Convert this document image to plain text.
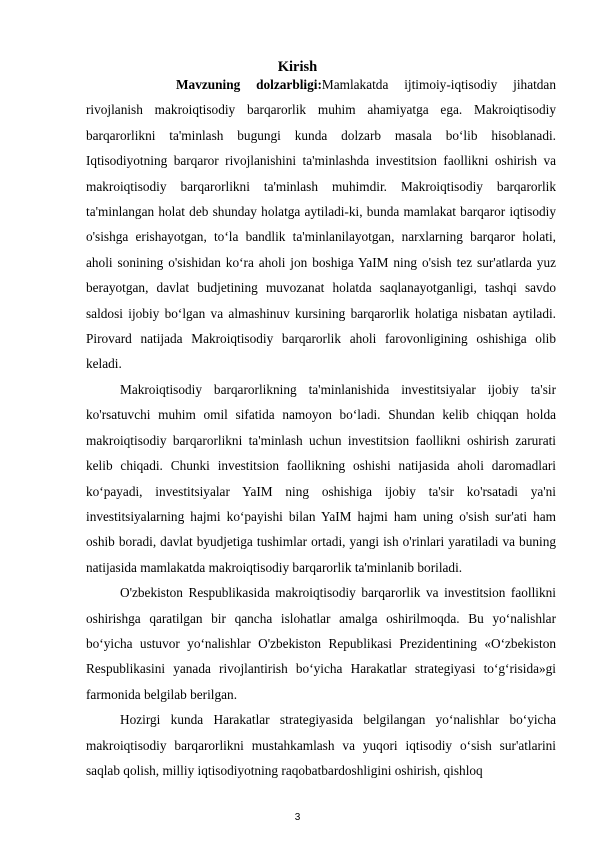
Kirish

Mavzuning dolzarbligi:Mamlakatda ijtimoiy-iqtisodiy jihatdan rivojlanish makroiqtisodiy barqarorlik muhim ahamiyatga ega. Makroiqtisodiy barqarorlikni ta'minlash bugungi kunda dolzarb masala bo‘lib hisoblanadi. Iqtisodiyotning barqaror rivojlanishini ta'minlashda investitsion faollikni oshirish va makroiqtisodiy barqarorlikni ta'minlash muhimdir. Makroiqtisodiy barqarorlik ta'minlangan holat deb shunday holatga aytiladi-ki, bunda mamlakat barqaror iqtisodiy o'sishga erishayotgan, to‘la bandlik ta'minlanilayotgan, narxlarning barqaror holati, aholi sonining o'sishidan ko‘ra aholi jon boshiga YaIM ning o'sish tez sur'atlarda yuz berayotgan, davlat budjetining muvozanat holatda saqlanayotganligi, tashqi savdo saldosi ijobiy bo‘lgan va almashinuv kursining barqarorlik holatiga nisbatan aytiladi. Pirovard natijada Makroiqtisodiy barqarorlik aholi farovonligining oshishiga olib keladi.

Makroiqtisodiy barqarorlikning ta'minlanishida investitsiyalar ijobiy ta'sir ko'rsatuvchi muhim omil sifatida namoyon bo‘ladi. Shundan kelib chiqqan holda makroiqtisodiy barqarorlikni ta'minlash uchun investitsion faollikni oshirish zarurati kelib chiqadi. Chunki investitsion faollikning oshishi natijasida aholi daromadlari ko‘payadi, investitsiyalar YaIM ning oshishiga ijobiy ta'sir ko'rsatadi ya'ni investitsiyalarning hajmi ko‘payishi bilan YaIM hajmi ham uning o'sish sur'ati ham oshib boradi, davlat byudjetiga tushimlar ortadi, yangi ish o'rinlari yaratiladi va buning natijasida mamlakatda makroiqtisodiy barqarorlik ta'minlanib boriladi.

O'zbekiston Respublikasida makroiqtisodiy barqarorlik va investitsion faollikni oshirishga qaratilgan bir qancha islohatlar amalga oshirilmoqda. Bu yo‘nalishlar bo‘yicha ustuvor yo‘nalishlar O'zbekiston Republikasi Prezidentining «O‘zbekiston Respublikasini yanada rivojlantirish bo‘yicha Harakatlar strategiyasi to‘g‘risida»gi farmonida belgilab berilgan.

Hozirgi kunda Harakatlar strategiyasida belgilangan yo‘nalishlar bo‘yicha makroiqtisodiy barqarorlikni mustahkamlash va yuqori iqtisodiy o‘sish sur'atlarini saqlab qolish, milliy iqtisodiyotning raqobatbardoshligini oshirish, qishloq

3
